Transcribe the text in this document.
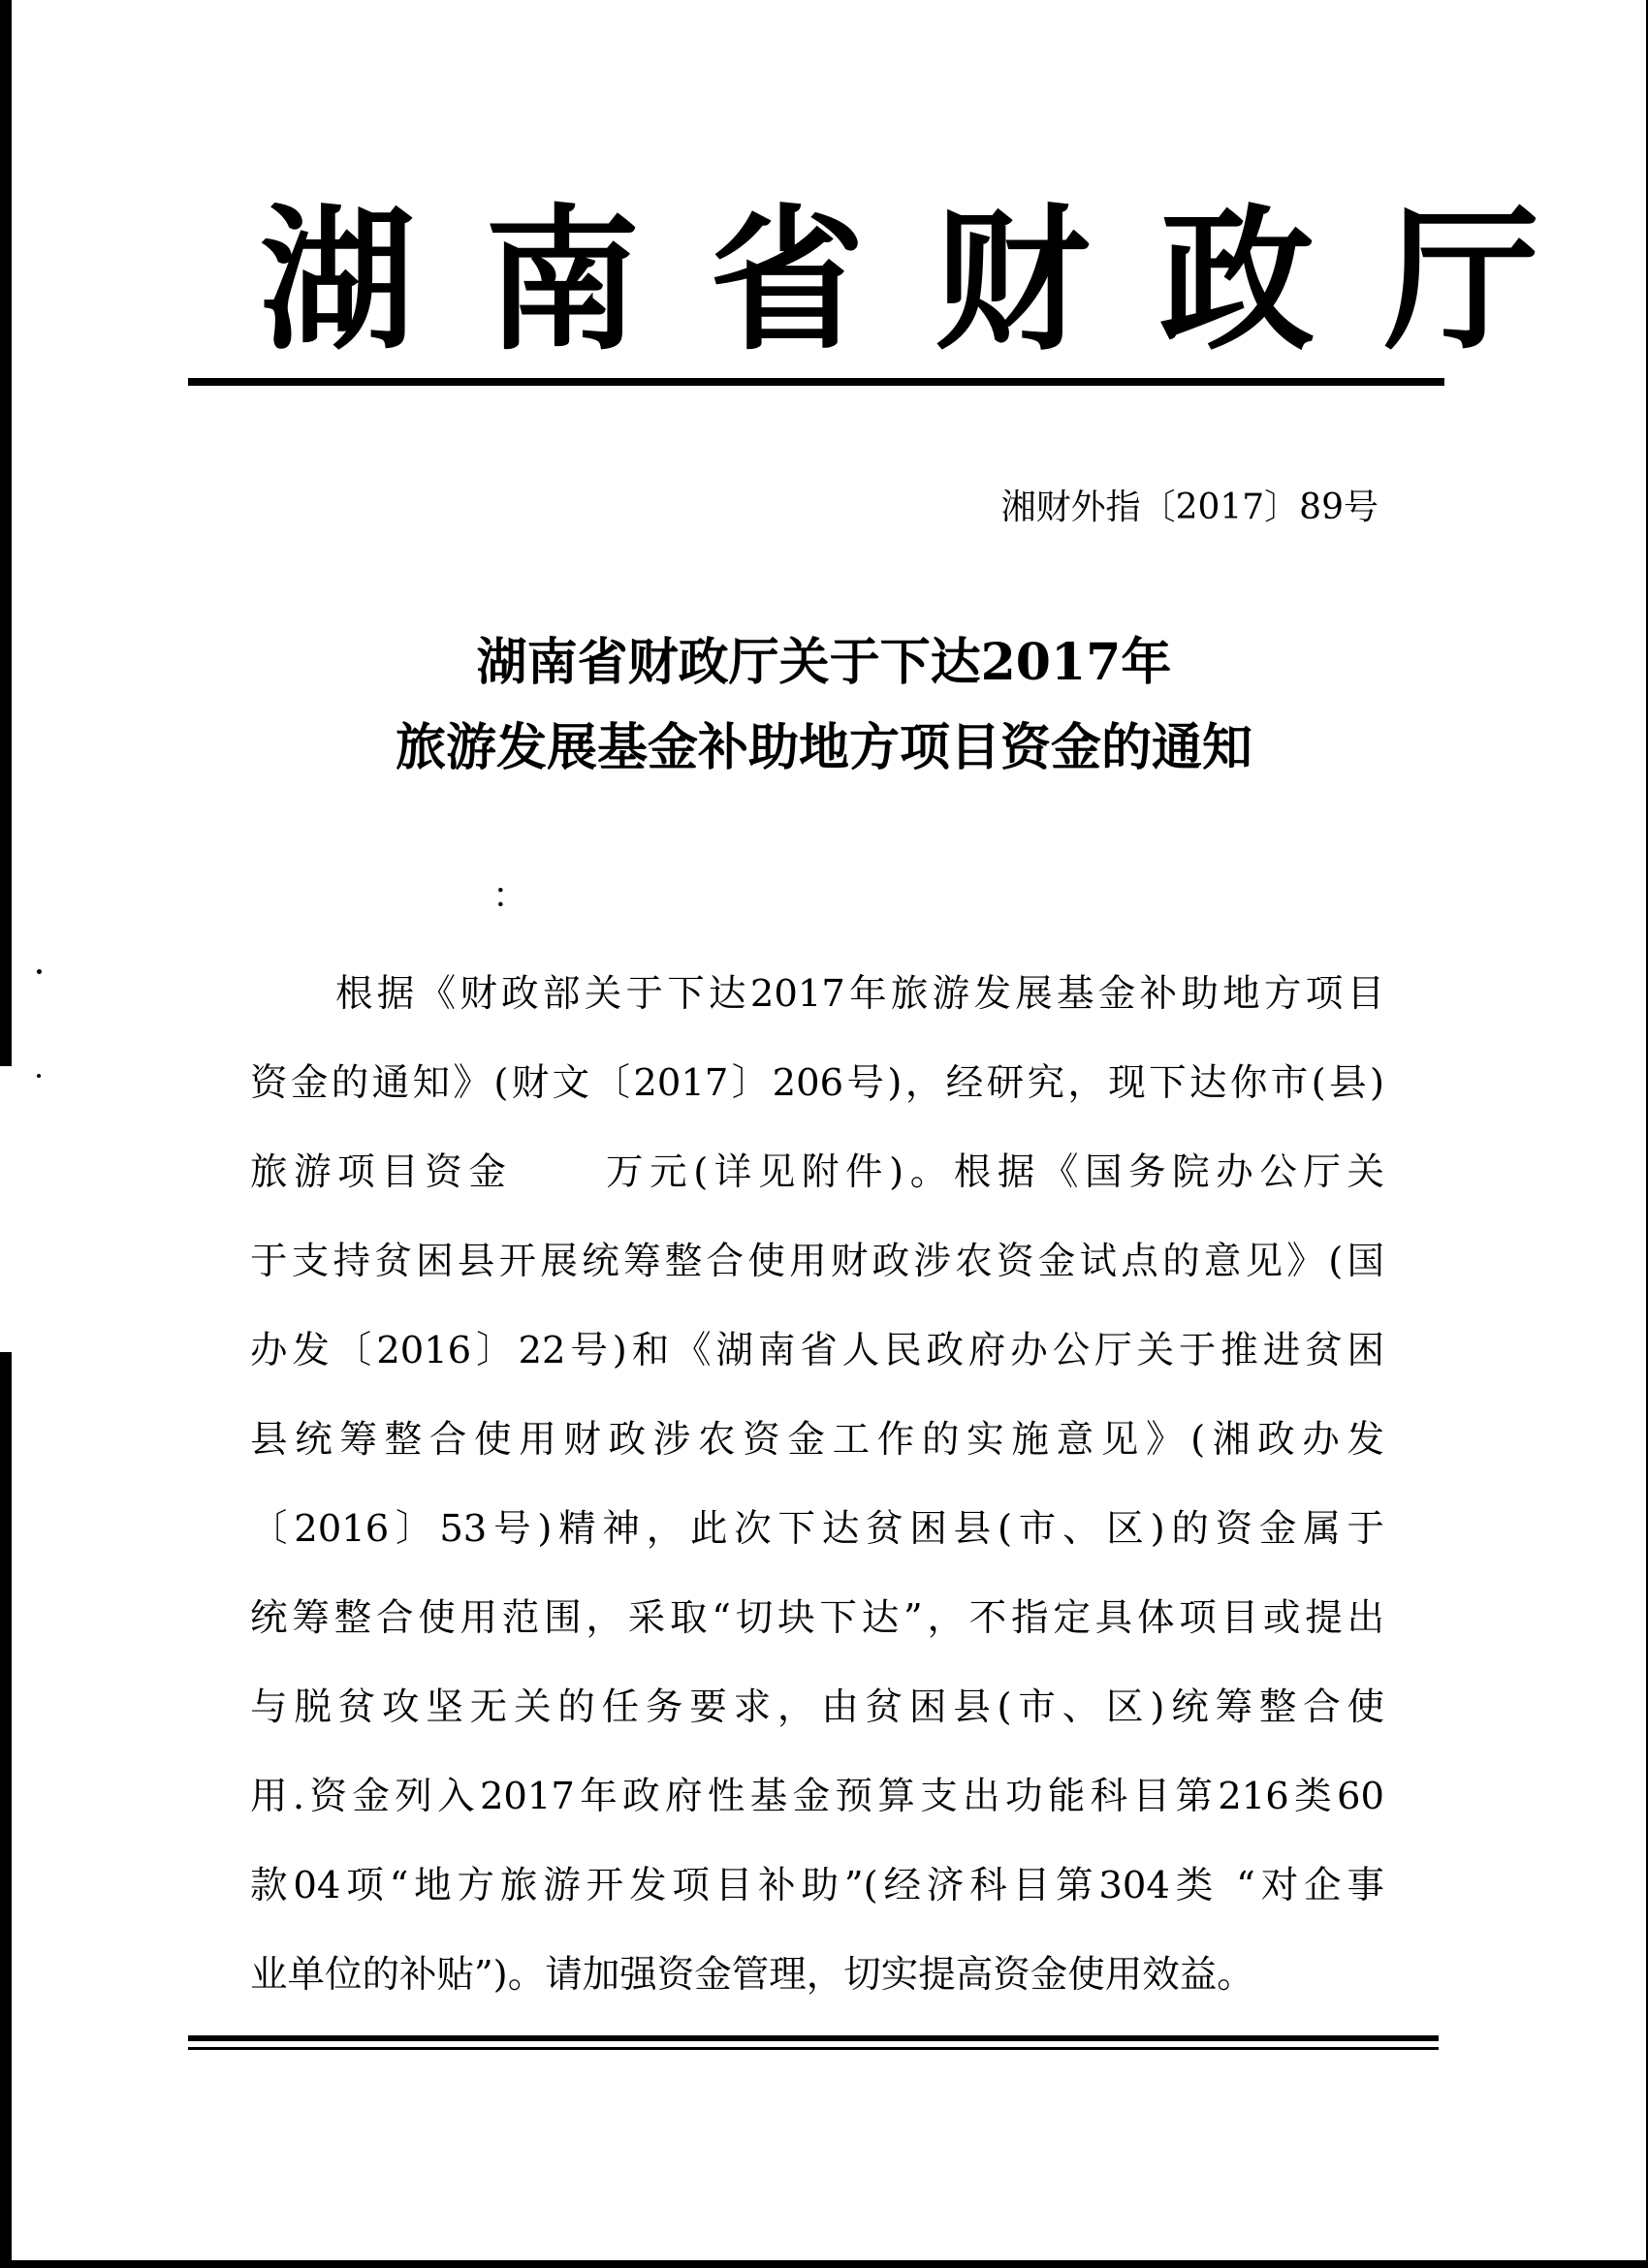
湖南省财政厅
湘财外指〔2017〕89号
湖南省财政厅关于下达2017年
旅游发展基金补助地方项目资金的通知
：
根据《财政部关于下达2017年旅游发展基金补助地方项目
资金的通知》(财文〔2017〕206号)，经研究，现下达你市(县)
旅游项目资金 万元(详见附件)。根据《国务院办公厅关
于支持贫困县开展统筹整合使用财政涉农资金试点的意见》(国
办发〔2016〕22号)和《湖南省人民政府办公厅关于推进贫困
县统筹整合使用财政涉农资金工作的实施意见》(湘政办发
〔2016〕53号)精神，此次下达贫困县(市、区)的资金属于
统筹整合使用范围，采取“切块下达”，不指定具体项目或提出
与脱贫攻坚无关的任务要求，由贫困县(市、区)统筹整合使
用.资金列入2017年政府性基金预算支出功能科目第216类60
款04项“地方旅游开发项目补助”(经济科目第304类 “对企事
业单位的补贴”)。请加强资金管理，切实提高资金使用效益。
